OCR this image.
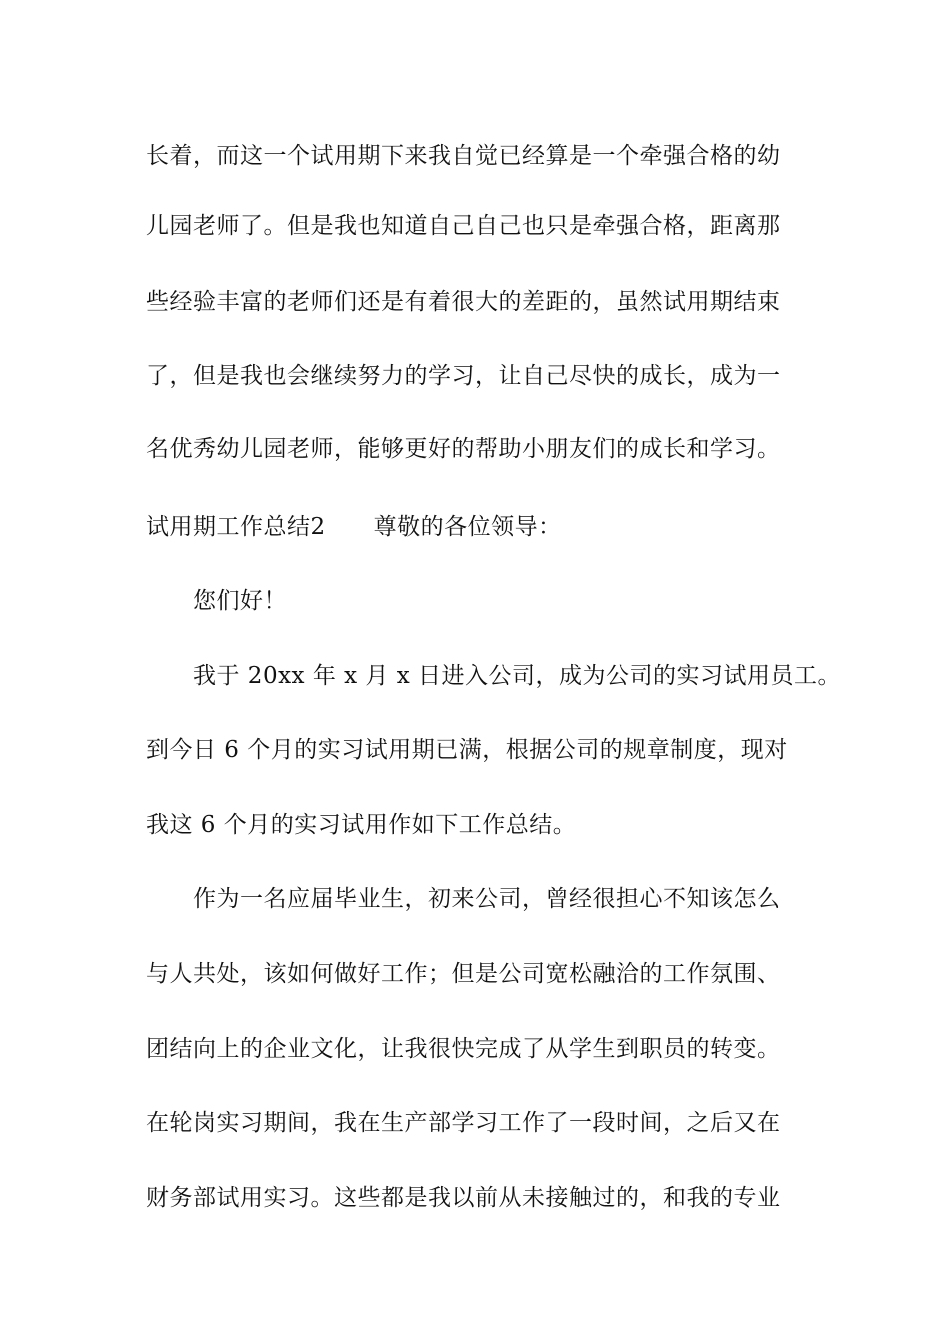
长着，而这一个试用期下来我自觉已经算是一个牵强合格的幼
儿园老师了。但是我也知道自己自己也只是牵强合格，距离那
些经验丰富的老师们还是有着很大的差距的，虽然试用期结束
了，但是我也会继续努力的学习，让自己尽快的成长，成为一
名优秀幼儿园老师，能够更好的帮助小朋友们的成长和学习。
试用期工作总结2 尊敬的各位领导：
您们好！
我于 20xx 年 x 月 x 日进入公司，成为公司的实习试用员工。
到今日 6 个月的实习试用期已满，根据公司的规章制度，现对
我这 6 个月的实习试用作如下工作总结。
作为一名应届毕业生，初来公司，曾经很担心不知该怎么
与人共处，该如何做好工作；但是公司宽松融洽的工作氛围、
团结向上的企业文化，让我很快完成了从学生到职员的转变。
在轮岗实习期间，我在生产部学习工作了一段时间，之后又在
财务部试用实习。这些都是我以前从未接触过的，和我的专业
